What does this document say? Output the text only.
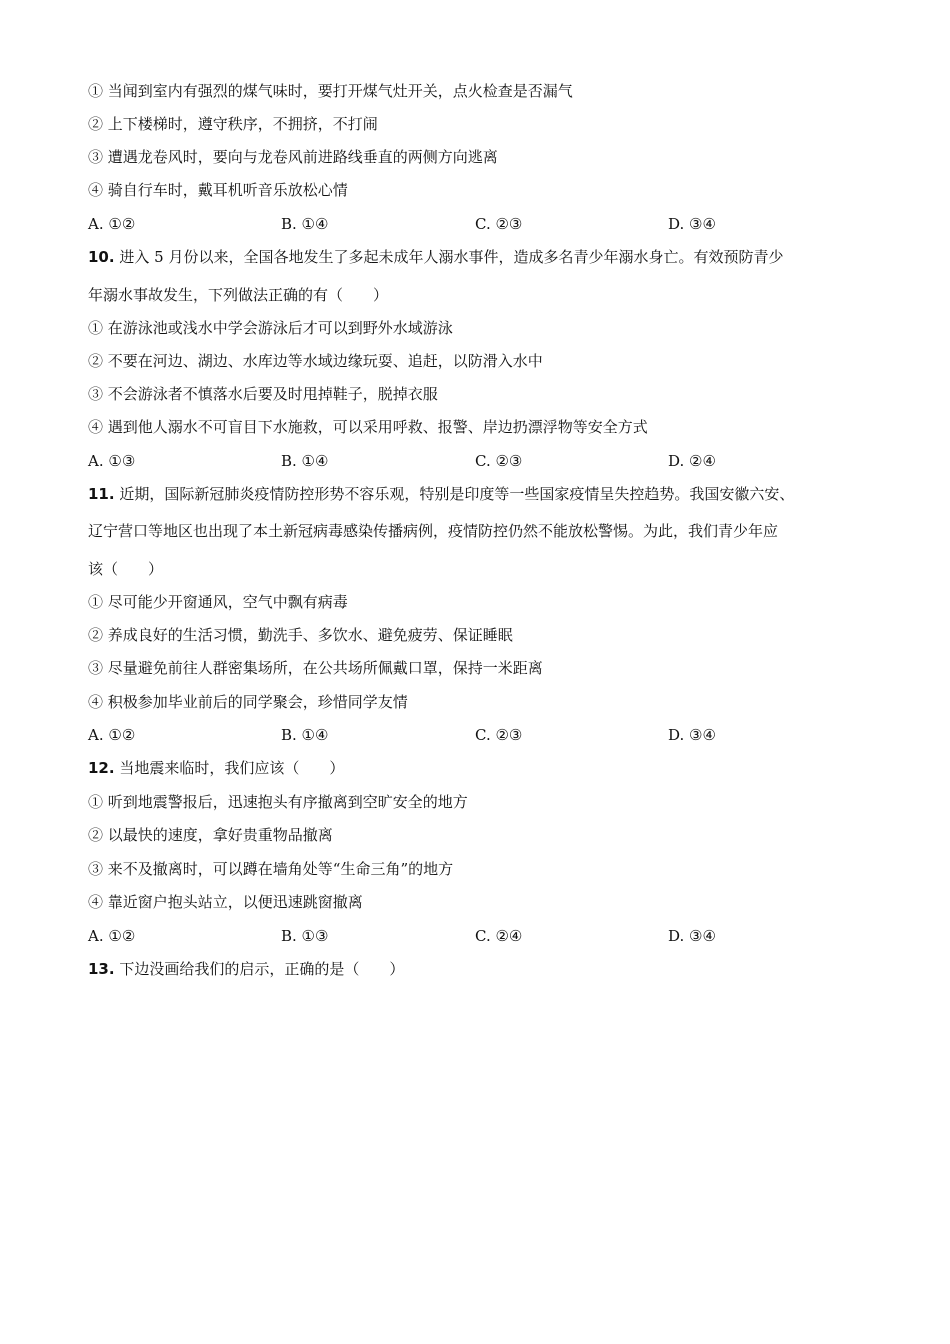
① 当闻到室内有强烈的煤气味时，要打开煤气灶开关，点火检查是否漏气
② 上下楼梯时，遵守秩序，不拥挤，不打闹
③ 遭遇龙卷风时，要向与龙卷风前进路线垂直的两侧方向逃离
④ 骑自行车时，戴耳机听音乐放松心情
A. ①②	B. ①④	C. ②③	D. ③④
10. 进入 5 月份以来，全国各地发生了多起未成年人溺水事件，造成多名青少年溺水身亡。有效预防青少
年溺水事故发生，下列做法正确的有（　　）
① 在游泳池或浅水中学会游泳后才可以到野外水域游泳
② 不要在河边、湖边、水库边等水域边缘玩耍、追赶，以防滑入水中
③ 不会游泳者不慎落水后要及时甩掉鞋子，脱掉衣服
④ 遇到他人溺水不可盲目下水施救，可以采用呼救、报警、岸边扔漂浮物等安全方式
A. ①③	B. ①④	C. ②③	D. ②④
11. 近期，国际新冠肺炎疫情防控形势不容乐观，特别是印度等一些国家疫情呈失控趋势。我国安徽六安、
辽宁营口等地区也出现了本土新冠病毒感染传播病例，疫情防控仍然不能放松警惕。为此，我们青少年应
该（　　）
① 尽可能少开窗通风，空气中飘有病毒
② 养成良好的生活习惯，勤洗手、多饮水、避免疲劳、保证睡眠
③ 尽量避免前往人群密集场所，在公共场所佩戴口罩，保持一米距离
④ 积极参加毕业前后的同学聚会，珍惜同学友情
A. ①②	B. ①④	C. ②③	D. ③④
12. 当地震来临时，我们应该（　　）
① 听到地震警报后，迅速抱头有序撤离到空旷安全的地方
② 以最快的速度，拿好贵重物品撤离
③ 来不及撤离时，可以蹲在墙角处等“生命三角”的地方
④ 靠近窗户抱头站立，以便迅速跳窗撤离
A. ①②	B. ①③	C. ②④	D. ③④
13. 下边没画给我们的启示，正确的是（　　）
